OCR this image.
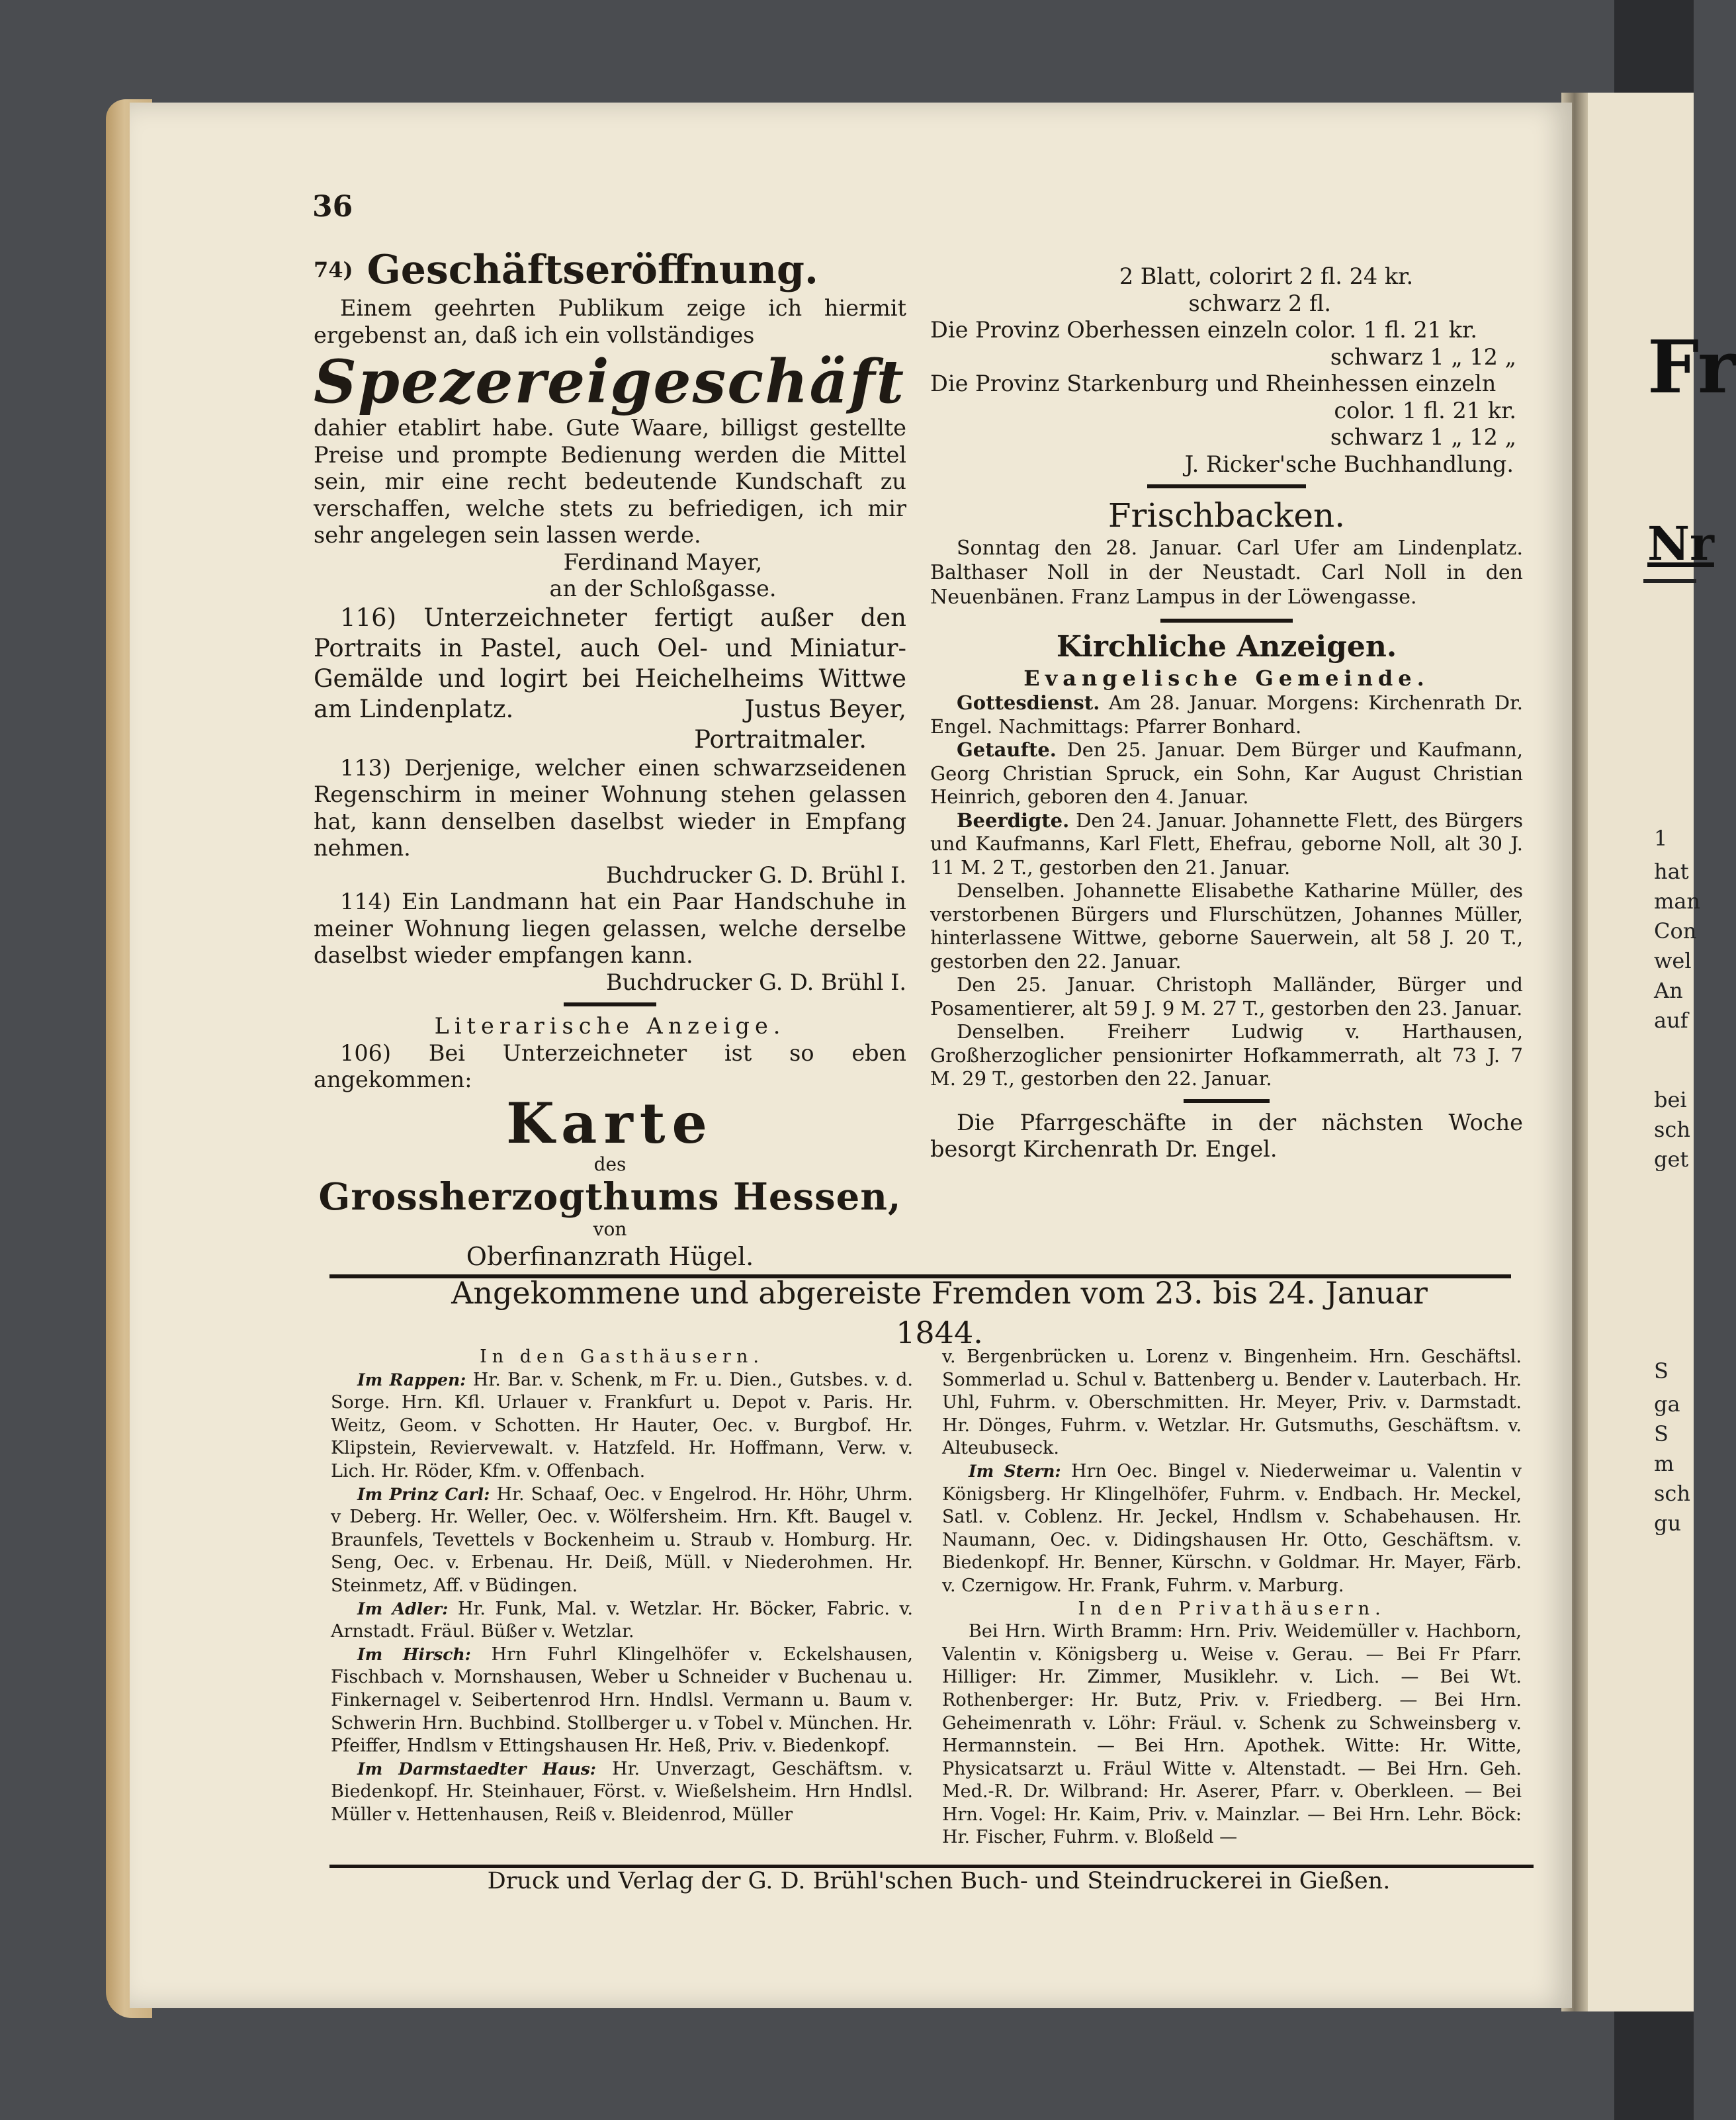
Fr
Nr
1
hat
man
Con
wel
An
auf
bei
sch
get
S
ga
S
m
sch
gu
36

$^{74)}$ Geschäftseröffnung.

Einem geehrten Publikum zeige ich hiermit ergebenst an, daß ich ein vollständiges

Spezereigeschäft

dahier etablirt habe. Gute Waare, billigst gestellte Preise und prompte Bedienung werden die Mittel sein, mir eine recht bedeutende Kundschaft zu verschaffen, welche stets zu befriedigen, ich mir sehr angelegen sein lassen werde.

Ferdinand Mayer,

an der Schloßgasse.

116) Unterzeichneter fertigt außer den Portraits in Pastel, auch Oel- und Miniatur-Gemälde und logirt bei Heichelheims Wittwe am Lindenplatz.	Justus Beyer,

Portraitmaler.

113) Derjenige, welcher einen schwarzseidenen Regenschirm in meiner Wohnung stehen gelassen hat, kann denselben daselbst wieder in Empfang nehmen.

Buchdrucker G. D. Brühl I.

114) Ein Landmann hat ein Paar Handschuhe in meiner Wohnung liegen gelassen, welche derselbe daselbst wieder empfangen kann.

Buchdrucker G. D. Brühl I.

Literarische Anzeige.

106) Bei Unterzeichneter ist so eben angekommen:

Karte

des

Grossherzogthums Hessen,

von

Oberfinanzrath Hügel.

2 Blatt, colorirt 2 fl. 24 kr.

schwarz 2 fl.

Die Provinz Oberhessen einzeln color. 1 fl. 21 kr.

schwarz 1 „ 12 „

Die Provinz Starkenburg und Rheinhessen einzeln

color. 1 fl. 21 kr.

schwarz 1 „ 12 „

J. Ricker'sche Buchhandlung.

Frischbacken.

Sonntag den 28. Januar. Carl Ufer am Lindenplatz. Balthaser Noll in der Neustadt. Carl Noll in den Neuenbänen. Franz Lampus in der Löwengasse.

Kirchliche Anzeigen.

Evangelische Gemeinde.

Gottesdienst. Am 28. Januar. Morgens: Kirchenrath Dr. Engel. Nachmittags: Pfarrer Bonhard.

Getaufte. Den 25. Januar. Dem Bürger und Kaufmann, Georg Christian Spruck, ein Sohn, Kar August Christian Heinrich, geboren den 4. Januar.

Beerdigte. Den 24. Januar. Johannette Flett, des Bürgers und Kaufmanns, Karl Flett, Ehefrau, geborne Noll, alt 30 J. 11 M. 2 T., gestorben den 21. Januar.

Denselben. Johannette Elisabethe Katharine Müller, des verstorbenen Bürgers und Flurschützen, Johannes Müller, hinterlassene Wittwe, geborne Sauerwein, alt 58 J. 20 T., gestorben den 22. Januar.

Den 25. Januar. Christoph Malländer, Bürger und Posamentierer, alt 59 J. 9 M. 27 T., gestorben den 23. Januar.

Denselben. Freiherr Ludwig v. Harthausen, Großherzoglicher pensionirter Hofkammerrath, alt 73 J. 7 M. 29 T., gestorben den 22. Januar.

Die Pfarrgeschäfte in der nächsten Woche besorgt Kirchenrath Dr. Engel.

Angekommene und abgereiste Fremden vom 23. bis 24. Januar 1844.

In den Gasthäusern.

Im Rappen: Hr. Bar. v. Schenk, m Fr. u. Dien., Gutsbes. v. d. Sorge. Hrn. Kfl. Urlauer v. Frankfurt u. Depot v. Paris. Hr. Weitz, Geom. v Schotten. Hr Hauter, Oec. v. Burgbof. Hr. Klipstein, Reviervewalt. v. Hatzfeld. Hr. Hoffmann, Verw. v. Lich. Hr. Röder, Kfm. v. Offenbach.

Im Prinz Carl: Hr. Schaaf, Oec. v Engelrod. Hr. Höhr, Uhrm. v Deberg. Hr. Weller, Oec. v. Wölfersheim. Hrn. Kft. Baugel v. Braunfels, Tevettels v Bockenheim u. Straub v. Homburg. Hr. Seng, Oec. v. Erbenau. Hr. Deiß, Müll. v Niederohmen. Hr. Steinmetz, Aff. v Büdingen.

Im Adler: Hr. Funk, Mal. v. Wetzlar. Hr. Böcker, Fabric. v. Arnstadt. Fräul. Büßer v. Wetzlar.

Im Hirsch: Hrn Fuhrl Klingelhöfer v. Eckelshausen, Fischbach v. Mornshausen, Weber u Schneider v Buchenau u. Finkernagel v. Seibertenrod Hrn. Hndlsl. Vermann u. Baum v. Schwerin Hrn. Buchbind. Stollberger u. v Tobel v. München. Hr. Pfeiffer, Hndlsm v Ettingshausen Hr. Heß, Priv. v. Biedenkopf.

Im Darmstaedter Haus: Hr. Unverzagt, Geschäftsm. v. Biedenkopf. Hr. Steinhauer, Först. v. Wießelsheim. Hrn Hndlsl. Müller v. Hettenhausen, Reiß v. Bleidenrod, Müller

v. Bergenbrücken u. Lorenz v. Bingenheim. Hrn. Geschäftsl. Sommerlad u. Schul v. Battenberg u. Bender v. Lauterbach. Hr. Uhl, Fuhrm. v. Oberschmitten. Hr. Meyer, Priv. v. Darmstadt. Hr. Dönges, Fuhrm. v. Wetzlar. Hr. Gutsmuths, Geschäftsm. v. Alteubuseck.

Im Stern: Hrn Oec. Bingel v. Niederweimar u. Valentin v Königsberg. Hr Klingelhöfer, Fuhrm. v. Endbach. Hr. Meckel, Satl. v. Coblenz. Hr. Jeckel, Hndlsm v. Schabehausen. Hr. Naumann, Oec. v. Didingshausen Hr. Otto, Geschäftsm. v. Biedenkopf. Hr. Benner, Kürschn. v Goldmar. Hr. Mayer, Färb. v. Czernigow. Hr. Frank, Fuhrm. v. Marburg.

In den Privathäusern.

Bei Hrn. Wirth Bramm: Hrn. Priv. Weidemüller v. Hachborn, Valentin v. Königsberg u. Weise v. Gerau. — Bei Fr Pfarr. Hilliger: Hr. Zimmer, Musiklehr. v. Lich. — Bei Wt. Rothenberger: Hr. Butz, Priv. v. Friedberg. — Bei Hrn. Geheimenrath v. Löhr: Fräul. v. Schenk zu Schweinsberg v. Hermannstein. — Bei Hrn. Apothek. Witte: Hr. Witte, Physicatsarzt u. Fräul Witte v. Altenstadt. — Bei Hrn. Geh. Med.-R. Dr. Wilbrand: Hr. Aserer, Pfarr. v. Oberkleen. — Bei Hrn. Vogel: Hr. Kaim, Priv. v. Mainzlar. — Bei Hrn. Lehr. Böck: Hr. Fischer, Fuhrm. v. Bloßeld —

Druck und Verlag der G. D. Brühl'schen Buch- und Steindruckerei in Gießen.
